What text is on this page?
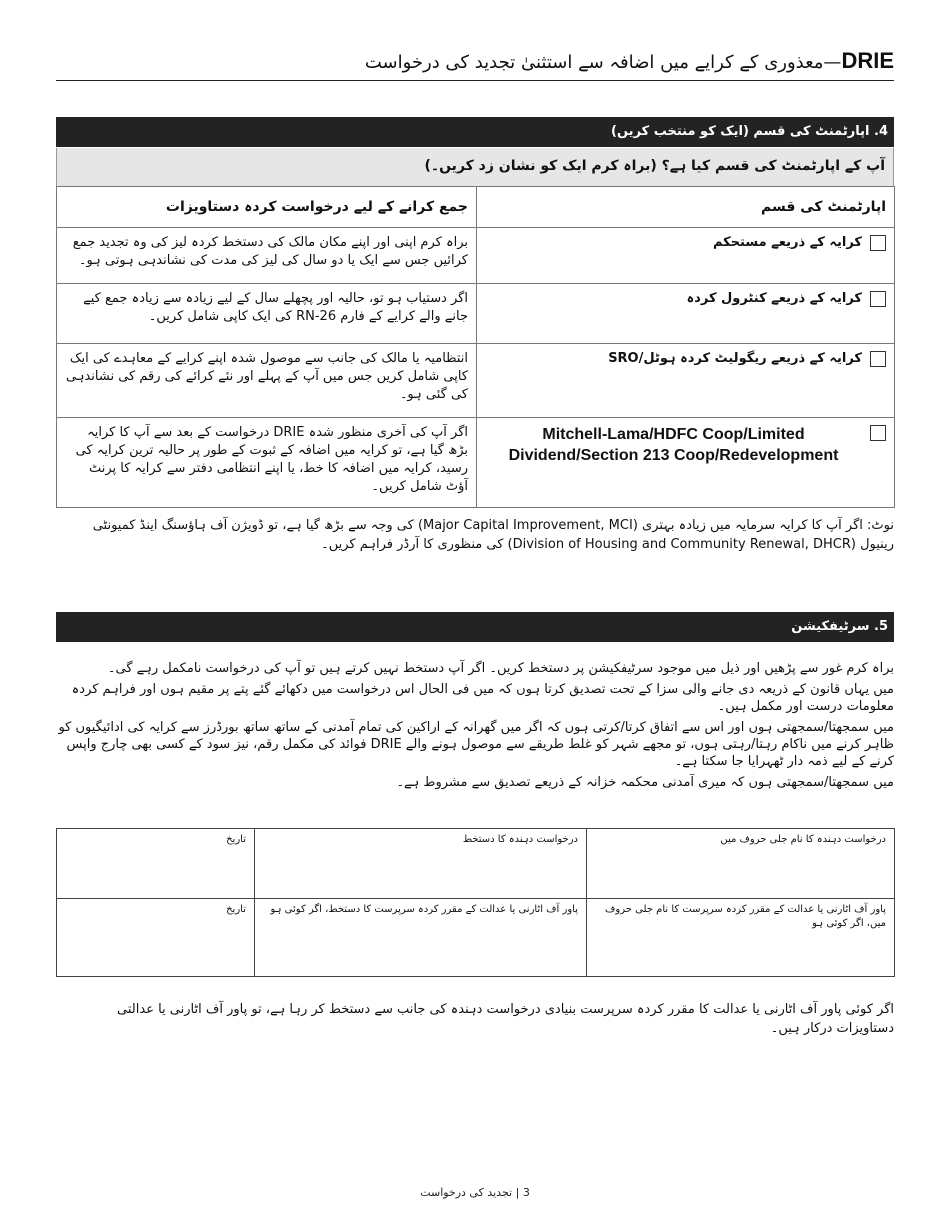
DRIE—معذوری کے کرایے میں اضافہ سے استثنیٰ تجدید کی درخواست
4. اپارٹمنٹ کی قسم (ایک کو منتخب کریں)
آپ کے اپارٹمنٹ کی قسم کیا ہے؟ (براہ کرم ایک کو نشان زد کریں۔)
اپارٹمنٹ کی قسم	جمع کرانے کے لیے درخواست کردہ دستاویزات

کرایہ کے ذریعے مستحکم	براہ کرم اپنی اور اپنے مکان مالک کی دستخط کردہ لیز کی وہ تجدید جمع کرائیں جس سے ایک یا دو سال کی لیز کی مدت کی نشاندہی ہوتی ہو۔

کرایہ کے ذریعے کنٹرول کردہ	اگر دستیاب ہو تو، حالیہ اور پچھلے سال کے لیے زیادہ سے زیادہ جمع کیے جانے والے کرایے کے فارم RN-26 کی ایک کاپی شامل کریں۔

کرایہ کے ذریعے ریگولیٹ کردہ ہوٹل/SRO	انتظامیہ یا مالک کی جانب سے موصول شدہ اپنے کرایے کے معاہدے کی ایک کاپی شامل کریں جس میں آپ کے پہلے اور نئے کرائے کی رقم کی نشاندہی کی گئی ہو۔

Mitchell-Lama/HDFC Coop/Limited Dividend/Section 213 Coop/Redevelopment	اگر آپ کی آخری منظور شدہ DRIE درخواست کے بعد سے آپ کا کرایہ بڑھ گیا ہے، تو کرایہ میں اضافہ کے ثبوت کے طور پر حالیہ ترین کرایہ کی رسید، کرایہ میں اضافہ کا خط، یا اپنے انتظامی دفتر سے کرایہ کا پرنٹ آؤٹ شامل کریں۔
نوٹ: اگر آپ کا کرایہ سرمایہ میں زیادہ بہتری (Major Capital Improvement, MCI) کی وجہ سے بڑھ گیا ہے، تو ڈویژن آف ہاؤسنگ اینڈ کمیونٹی رینیول (Division of Housing and Community Renewal, DHCR) کی منظوری کا آرڈر فراہم کریں۔
5. سرٹیفکیشن

براہ کرم غور سے پڑھیں اور ذیل میں موجود سرٹیفکیشن پر دستخط کریں۔ اگر آپ دستخط نہیں کرتے ہیں تو آپ کی درخواست نامکمل رہے گی۔

میں یہاں قانون کے ذریعہ دی جانے والی سزا کے تحت تصدیق کرتا ہوں کہ میں فی الحال اس درخواست میں دکھائے گئے پتے پر مقیم ہوں اور فراہم کردہ معلومات درست اور مکمل ہیں۔

میں سمجھتا/سمجھتی ہوں اور اس سے اتفاق کرتا/کرتی ہوں کہ اگر میں گھرانہ کے اراکین کی تمام آمدنی کے ساتھ ساتھ بورڈرز سے کرایہ کی ادائیگیوں کو ظاہر کرنے میں ناکام رہتا/رہتی ہوں، تو مجھے شہر کو غلط طریقے سے موصول ہونے والے DRIE فوائد کی مکمل رقم، نیز سود کے کسی بھی چارج واپس کرنے کے لیے ذمہ دار ٹھہرایا جا سکتا ہے۔

میں سمجھتا/سمجھتی ہوں کہ میری آمدنی محکمہ خزانہ کے ذریعے تصدیق سے مشروط ہے۔

درخواست دہندہ کا نام جلی حروف میں	درخواست دہندہ کا دستخط	تاریخ
پاور آف اٹارنی یا عدالت کے مقرر کردہ سرپرست کا نام جلی حروف میں، اگر کوئی ہو	پاور آف اٹارنی یا عدالت کے مقرر کردہ سرپرست کا دستخط، اگر کوئی ہو	تاریخ
اگر کوئی پاور آف اٹارنی یا عدالت کا مقرر کردہ سرپرست بنیادی درخواست دہندہ کی جانب سے دستخط کر رہا ہے، تو پاور آف اٹارنی یا عدالتی دستاویزات درکار ہیں۔
3 | تجدید کی درخواست
